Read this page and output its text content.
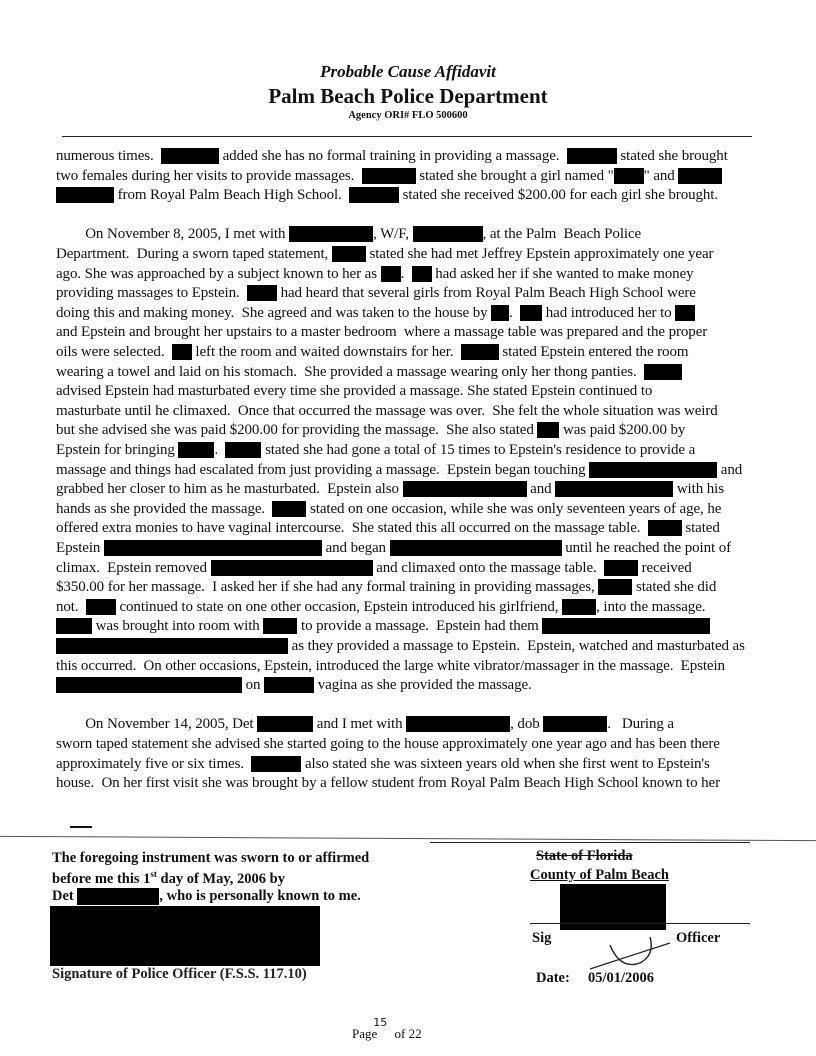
Probable Cause Affidavit
Palm Beach Police Department
Agency ORI# FLO 500600
numerous times.	added she has no formal training in providing a massage.	stated she brought
two females during her visits to provide massages.	stated she brought a girl named " " and
from Royal Palm Beach High School.	stated she received $200.00 for each girl she brought.
On November 8, 2005, I met with	, W/F,	, at the Palm  Beach Police
Department.  During a sworn taped statement,  stated she had met Jeffrey Epstein approximately one year
ago. She was approached by a subject known to her as .   had asked her if she wanted to make money
providing massages to Epstein.   had heard that several girls from Royal Palm Beach High School were
doing this and making money.  She agreed and was taken to the house by .   had introduced her to
and Epstein and brought her upstairs to a master bedroom  where a massage table was prepared and the proper
oils were selected.   left the room and waited downstairs for her.	stated Epstein entered the room
wearing a towel and laid on his stomach.  She provided a massage wearing only her thong panties.
advised Epstein had masturbated every time she provided a massage. She stated Epstein continued to
masturbate until he climaxed.  Once that occurred the massage was over.  She felt the whole situation was weird
but she advised she was paid $200.00 for providing the massage.  She also stated  was paid $200.00 by
Epstein for bringing .   stated she had gone a total of 15 times to Epstein's residence to provide a
massage and things had escalated from just providing a massage.  Epstein began touching	and
grabbed her closer to him as he masturbated.  Epstein also	and	with his
hands as she provided the massage.   stated on one occasion, while she was only seventeen years of age, he
offered extra monies to have vaginal intercourse.  She stated this all occurred on the massage table.   stated
Epstein	and began	until he reached the point of
climax.  Epstein removed	and climaxed onto the massage table.   received
$350.00 for her massage.  I asked her if she had any formal training in providing massages,  stated she did
not.   continued to state on one other occasion, Epstein introduced his girlfriend, , into the massage.
was brought into room with  to provide a massage.  Epstein had them
as they provided a massage to Epstein.  Epstein, watched and masturbated as
this occurred.  On other occasions, Epstein, introduced the large white vibrator/massager in the massage.  Epstein
on	vagina as she provided the massage.
On November 14, 2005, Det	and I met with	, dob	.   During a
sworn taped statement she advised she started going to the house approximately one year ago and has been there
approximately five or six times.	also stated she was sixteen years old when she first went to Epstein's
house.  On her first visit she was brought by a fellow student from Royal Palm Beach High School known to her
The foregoing instrument was sworn to or affirmed
before me this 1st day of May, 2006 by
Det	, who is personally known to me.
Signature of Police Officer (F.S.S. 117.10)
State of Florida
County of Palm Beach
Sig	Officer
Date: 05/01/2006
Page$^{15}$ of 22
